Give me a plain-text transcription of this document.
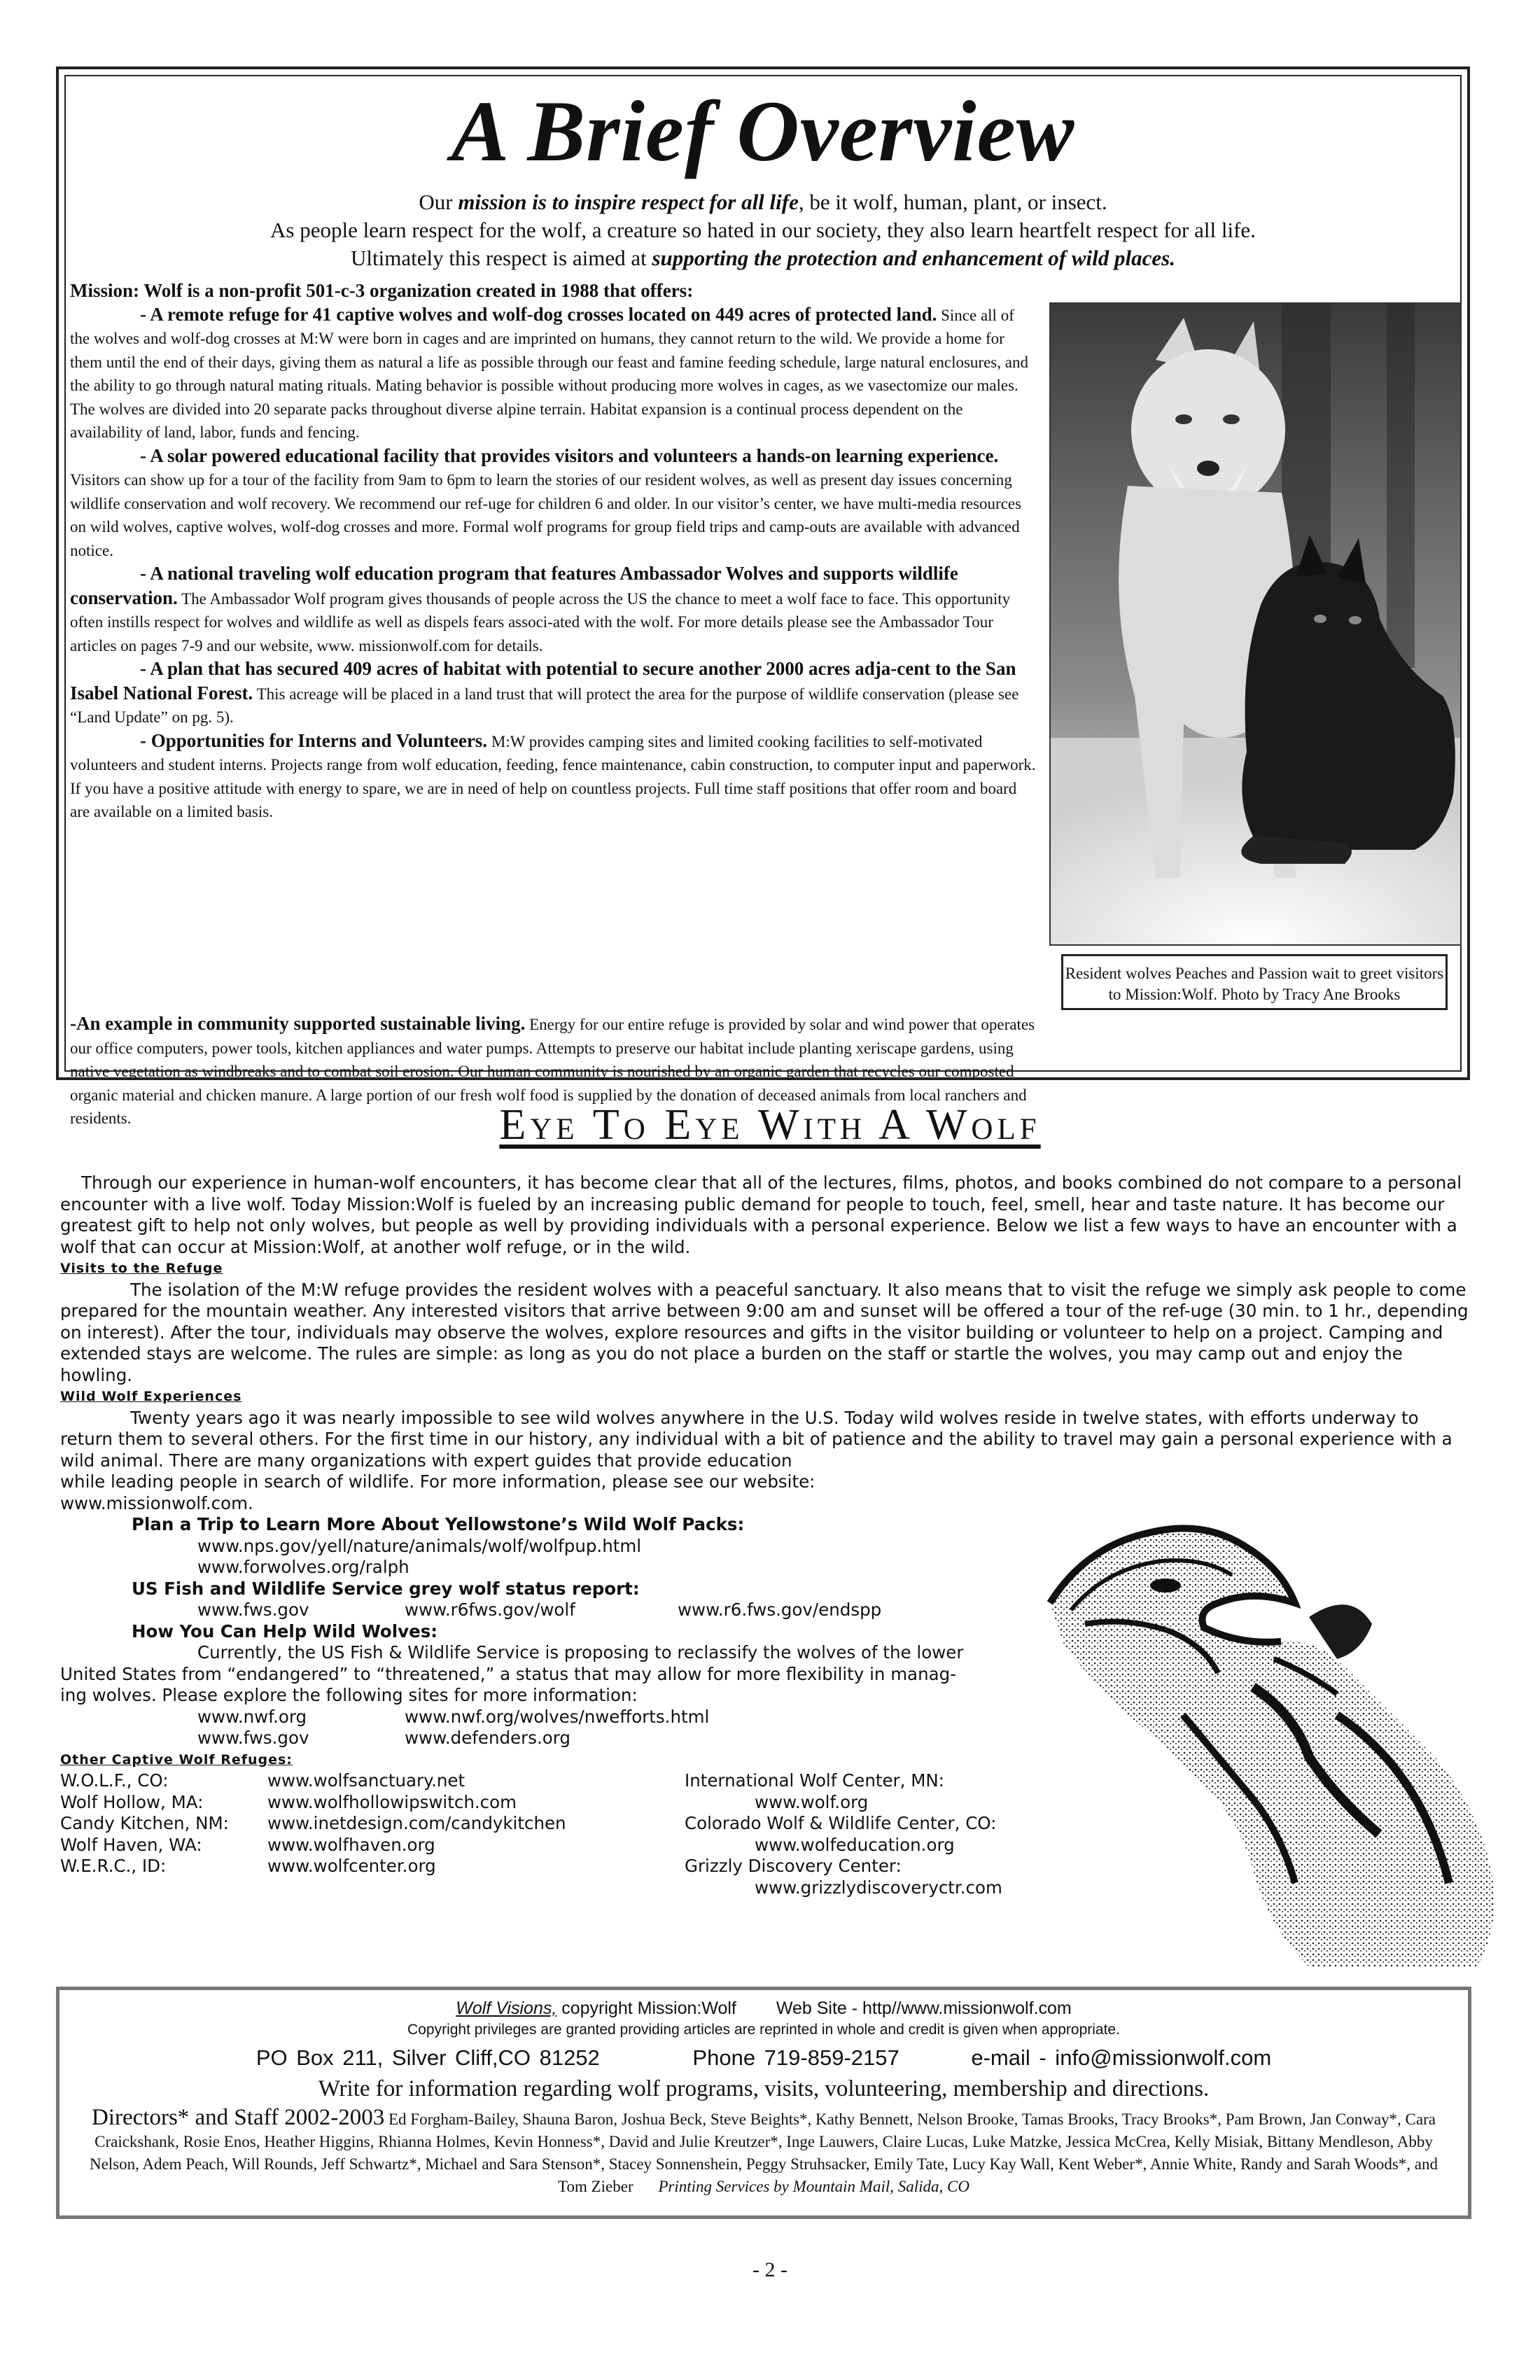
A Brief Overview
Our mission is to inspire respect for all life, be it wolf, human, plant, or insect.
As people learn respect for the wolf, a creature so hated in our society, they also learn heartfelt respect for all life.
Ultimately this respect is aimed at supporting the protection and enhancement of wild places.

Mission: Wolf is a non-profit 501-c-3 organization created in 1988 that offers:

- A remote refuge for 41 captive wolves and wolf-dog crosses located on 449 acres of protected land. Since all of the wolves and wolf-dog crosses at M:W were born in cages and are imprinted on humans, they cannot return to the wild. We provide a home for them until the end of their days, giving them as natural a life as possible through our feast and famine feeding schedule, large natural enclosures, and the ability to go through natural mating rituals. Mating behavior is possible without producing more wolves in cages, as we vasectomize our males. The wolves are divided into 20 separate packs throughout diverse alpine terrain. Habitat expansion is a continual process dependent on the availability of land, labor, funds and fencing.

- A solar powered educational facility that provides visitors and volunteers a hands-on learning experience. Visitors can show up for a tour of the facility from 9am to 6pm to learn the stories of our resident wolves, as well as present day issues concerning wildlife conservation and wolf recovery. We recommend our ref-uge for children 6 and older. In our visitor’s center, we have multi-media resources on wild wolves, captive wolves, wolf-dog crosses and more. Formal wolf programs for group field trips and camp-outs are available with advanced notice.

- A national traveling wolf education program that features Ambassador Wolves and supports wildlife conservation. The Ambassador Wolf program gives thousands of people across the US the chance to meet a wolf face to face. This opportunity often instills respect for wolves and wildlife as well as dispels fears associ-ated with the wolf. For more details please see the Ambassador Tour articles on pages 7-9 and our website, www. missionwolf.com for details.

- A plan that has secured 409 acres of habitat with potential to secure another 2000 acres adja-cent to the San Isabel National Forest. This acreage will be placed in a land trust that will protect the area for the purpose of wildlife conservation (please see “Land Update” on pg. 5).

- Opportunities for Interns and Volunteers. M:W provides camping sites and limited cooking facilities to self-motivated volunteers and student interns. Projects range from wolf education, feeding, fence maintenance, cabin construction, to computer input and paperwork. If you have a positive attitude with energy to spare, we are in need of help on countless projects. Full time staff positions that offer room and board are available on a limited basis.

-An example in community supported sustainable living. Energy for our entire refuge is provided by solar and wind power that operates our office computers, power tools, kitchen appliances and water pumps. Attempts to preserve our habitat include planting xeriscape gardens, using native vegetation as windbreaks and to combat soil erosion. Our human community is nourished by an organic garden that recycles our composted organic material and chicken manure. A large portion of our fresh wolf food is supplied by the donation of deceased animals from local ranchers and residents.

Resident wolves Peaches and Passion wait to greet visitors to Mission:Wolf. Photo by Tracy Ane Brooks
Eye To Eye With A Wolf

Through our experience in human-wolf encounters, it has become clear that all of the lectures, films, photos, and books combined do not compare to a personal encounter with a live wolf. Today Mission:Wolf is fueled by an increasing public demand for people to touch, feel, smell, hear and taste nature. It has become our greatest gift to help not only wolves, but people as well by providing individuals with a personal experience. Below we list a few ways to have an encounter with a wolf that can occur at Mission:Wolf, at another wolf refuge, or in the wild.

Visits to the Refuge

The isolation of the M:W refuge provides the resident wolves with a peaceful sanctuary. It also means that to visit the refuge we simply ask people to come prepared for the mountain weather. Any interested visitors that arrive between 9:00 am and sunset will be offered a tour of the ref-uge (30 min. to 1 hr., depending on interest). After the tour, individuals may observe the wolves, explore resources and gifts in the visitor building or volunteer to help on a project. Camping and extended stays are welcome. The rules are simple: as long as you do not place a burden on the staff or startle the wolves, you may camp out and enjoy the howling.

Wild Wolf Experiences

Twenty years ago it was nearly impossible to see wild wolves anywhere in the U.S. Today wild wolves reside in twelve states, with efforts underway to return them to several others. For the first time in our history, any individual with a bit of patience and the ability to travel may gain a personal experience with a wild animal. There are many organizations with expert guides that provide education

while leading people in search of wildlife. For more information, please see our website:

www.missionwolf.com.

Plan a Trip to Learn More About Yellowstone’s Wild Wolf Packs:

www.nps.gov/yell/nature/animals/wolf/wolfpup.html

www.forwolves.org/ralph

US Fish and Wildlife Service grey wolf status report:

www.fws.gov	www.r6fws.gov/wolf	www.r6.fws.gov/endspp

How You Can Help Wild Wolves:

Currently, the US Fish & Wildlife Service is proposing to reclassify the wolves of the lower

United States from “endangered” to “threatened,” a status that may allow for more flexibility in manag-

ing wolves. Please explore the following sites for more information:

www.nwf.org	www.nwf.org/wolves/nwefforts.html

www.fws.gov	www.defenders.org

Other Captive Wolf Refuges:

W.O.L.F., CO:	www.wolfsanctuary.net
Wolf Hollow, MA:	www.wolfhollowipswitch.com
Candy Kitchen, NM:	www.inetdesign.com/candykitchen
Wolf Haven, WA:	www.wolfhaven.org
W.E.R.C., ID:	www.wolfcenter.org
International Wolf Center, MN:
www.wolf.org
Colorado Wolf & Wildlife Center, CO:
www.wolfeducation.org
Grizzly Discovery Center:
www.grizzlydiscoveryctr.com
Wolf Visions, copyright Mission:Wolf Web Site - http//www.missionwolf.com
Copyright privileges are granted providing articles are reprinted in whole and credit is given when appropriate.
PO Box 211, Silver Cliff,CO 81252	Phone 719-859-2157	e-mail - info@missionwolf.com
Write for information regarding wolf programs, visits, volunteering, membership and directions.
Directors* and Staff 2002-2003 Ed Forgham-Bailey, Shauna Baron, Joshua Beck, Steve Beights*, Kathy Bennett, Nelson Brooke, Tamas Brooks, Tracy Brooks*, Pam Brown, Jan Conway*, Cara Craickshank, Rosie Enos, Heather Higgins, Rhianna Holmes, Kevin Honness*, David and Julie Kreutzer*, Inge Lauwers, Claire Lucas, Luke Matzke, Jessica McCrea, Kelly Misiak, Bittany Mendleson, Abby Nelson, Adem Peach, Will Rounds, Jeff Schwartz*, Michael and Sara Stenson*, Stacey Sonnenshein, Peggy Struhsacker, Emily Tate, Lucy Kay Wall, Kent Weber*, Annie White, Randy and Sarah Woods*, and Tom Zieber Printing Services by Mountain Mail, Salida, CO
- 2 -
